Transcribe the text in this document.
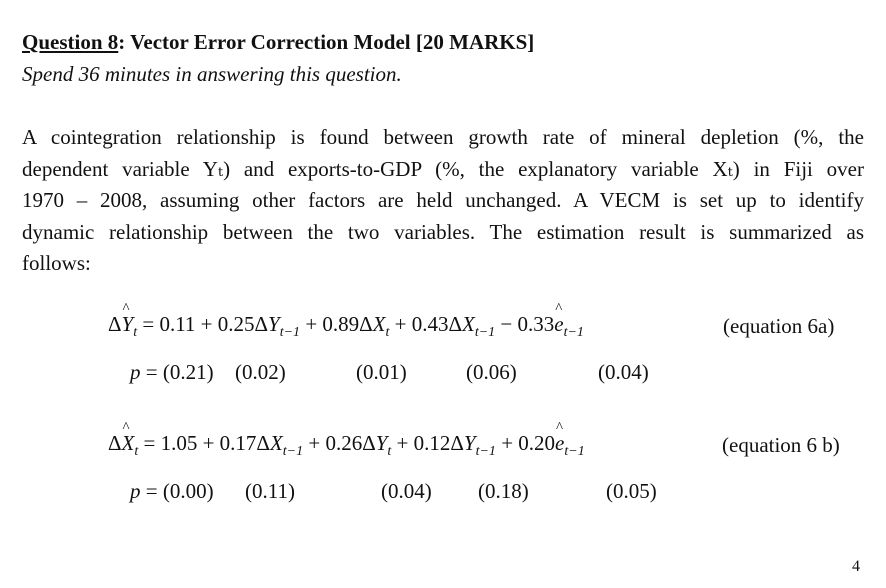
Question 8: Vector Error Correction Model [20 MARKS]
Spend 36 minutes in answering this question.
A cointegration relationship is found between growth rate of mineral depletion (%, the
dependent variable Yₜ) and exports-to-GDP (%, the explanatory variable Xₜ) in Fiji over
1970 – 2008, assuming other factors are held unchanged. A VECM is set up to identify
dynamic relationship between the two variables. The estimation result is summarized as
follows:
Δ^ $Y_t = 0.11 + 0.25\Delta Y_{t-1} + 0.89\Delta X_t + 0.43\Delta X_{t-1}$ − 0.33^ $e_{t-1}$	(equation 6a)
p = (0.21) (0.02)	(0.01)	(0.06)	(0.04)
Δ^ $X_t = 1.05 + 0.17\Delta X_{t-1} + 0.26\Delta Y_t + 0.12\Delta Y_{t-1}$ + 0.20^ $e_{t-1}$	(equation 6 b)
p = (0.00) (0.11)	(0.04) (0.18)	(0.05)
4
